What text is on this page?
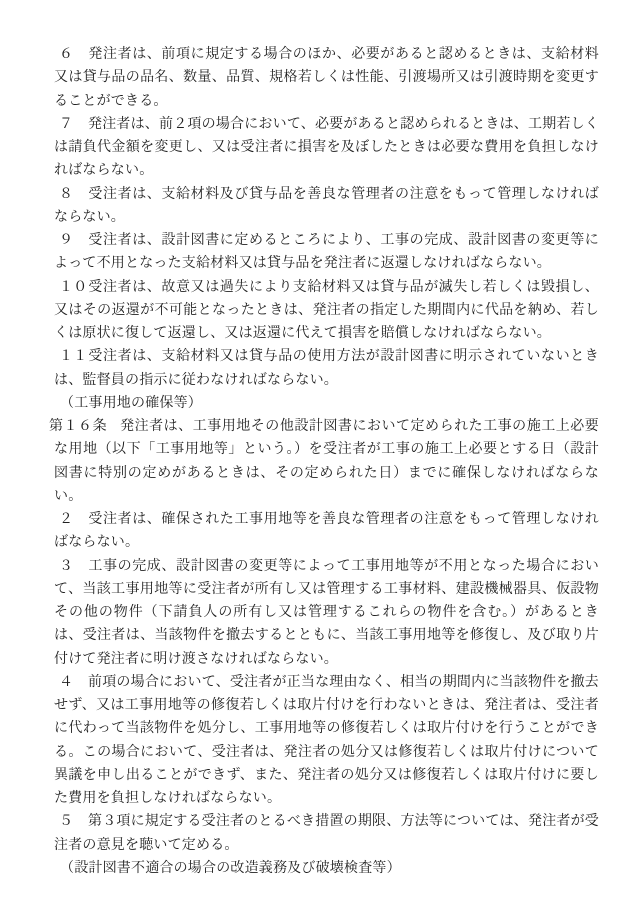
６ 発注者は、前項に規定する場合のほか、必要があると認めるときは、支給材料又は貸与品の品名、数量、品質、規格若しくは性能、引渡場所又は引渡時期を変更することができる。

７ 発注者は、前２項の場合において、必要があると認められるときは、工期若しくは請負代金額を変更し、又は受注者に損害を及ぼしたときは必要な費用を負担しなければならない。

８ 受注者は、支給材料及び貸与品を善良な管理者の注意をもって管理しなければならない。

９ 受注者は、設計図書に定めるところにより、工事の完成、設計図書の変更等によって不用となった支給材料又は貸与品を発注者に返還しなければならない。

１０受注者は、故意又は過失により支給材料又は貸与品が滅失し若しくは毀損し、又はその返還が不可能となったときは、発注者の指定した期間内に代品を納め、若しくは原状に復して返還し、又は返還に代えて損害を賠償しなければならない。

１１受注者は、支給材料又は貸与品の使用方法が設計図書に明示されていないときは、監督員の指示に従わなければならない。

（工事用地の確保等）

第１６条 発注者は、工事用地その他設計図書において定められた工事の施工上必要な用地（以下「工事用地等」という。）を受注者が工事の施工上必要とする日（設計図書に特別の定めがあるときは、その定められた日）までに確保しなければならない。

２ 受注者は、確保された工事用地等を善良な管理者の注意をもって管理しなければならない。

３ 工事の完成、設計図書の変更等によって工事用地等が不用となった場合において、当該工事用地等に受注者が所有し又は管理する工事材料、建設機械器具、仮設物その他の物件（下請負人の所有し又は管理するこれらの物件を含む。）があるときは、受注者は、当該物件を撤去するとともに、当該工事用地等を修復し、及び取り片付けて発注者に明け渡さなければならない。

４ 前項の場合において、受注者が正当な理由なく、相当の期間内に当該物件を撤去せず、又は工事用地等の修復若しくは取片付けを行わないときは、発注者は、受注者に代わって当該物件を処分し、工事用地等の修復若しくは取片付けを行うことができる。この場合において、受注者は、発注者の処分又は修復若しくは取片付けについて異議を申し出ることができず、また、発注者の処分又は修復若しくは取片付けに要した費用を負担しなければならない。

５ 第３項に規定する受注者のとるべき措置の期限、方法等については、発注者が受注者の意見を聴いて定める。

（設計図書不適合の場合の改造義務及び破壊検査等）
